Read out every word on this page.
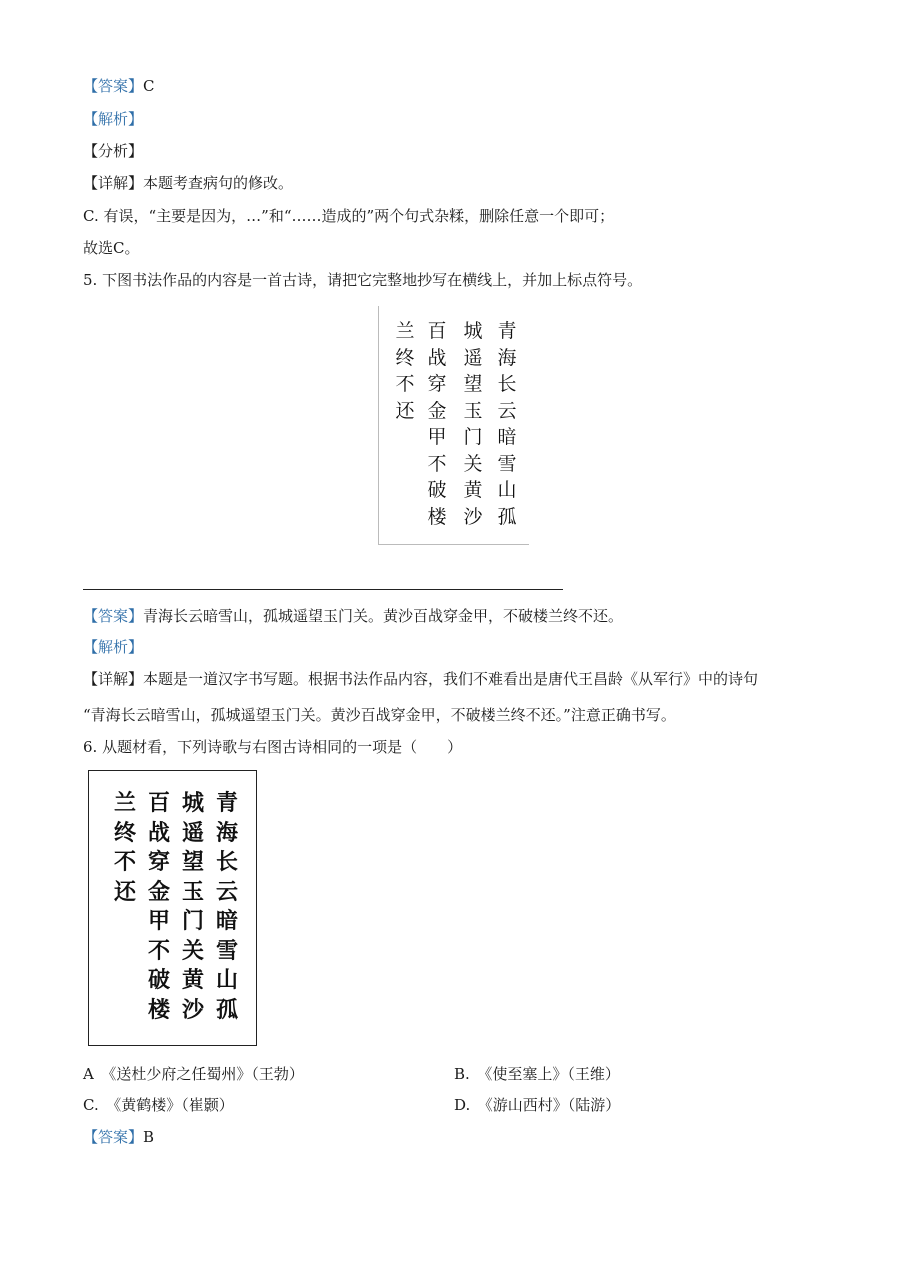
【答案】C
【解析】
【分析】
【详解】本题考查病句的修改。
C. 有误，“主要是因为，…”和“……造成的”两个句式杂糅，删除任意一个即可；
故选C。
5. 下图书法作品的内容是一首古诗，请把它完整地抄写在横线上，并加上标点符号。
青
海
长
云
暗
雪
山
孤
城
遥
望
玉
门
关
黄
沙
百
战
穿
金
甲
不
破
楼
兰
终
不
还
【答案】青海长云暗雪山，孤城遥望玉门关。黄沙百战穿金甲，不破楼兰终不还。
【解析】
【详解】本题是一道汉字书写题。根据书法作品内容，我们不难看出是唐代王昌龄《从军行》中的诗句
“青海长云暗雪山，孤城遥望玉门关。黄沙百战穿金甲，不破楼兰终不还。”注意正确书写。
6. 从题材看，下列诗歌与右图古诗相同的一项是（　　）
青
海
长
云
暗
雪
山
孤
城
遥
望
玉
门
关
黄
沙
百
战
穿
金
甲
不
破
楼
兰
终
不
还
A　 《送杜少府之任蜀州》（王勃）	B.　 《使至塞上》（王维）
C.　 《黄鹤楼》（崔颢）	D.　 《游山西村》（陆游）
【答案】B
